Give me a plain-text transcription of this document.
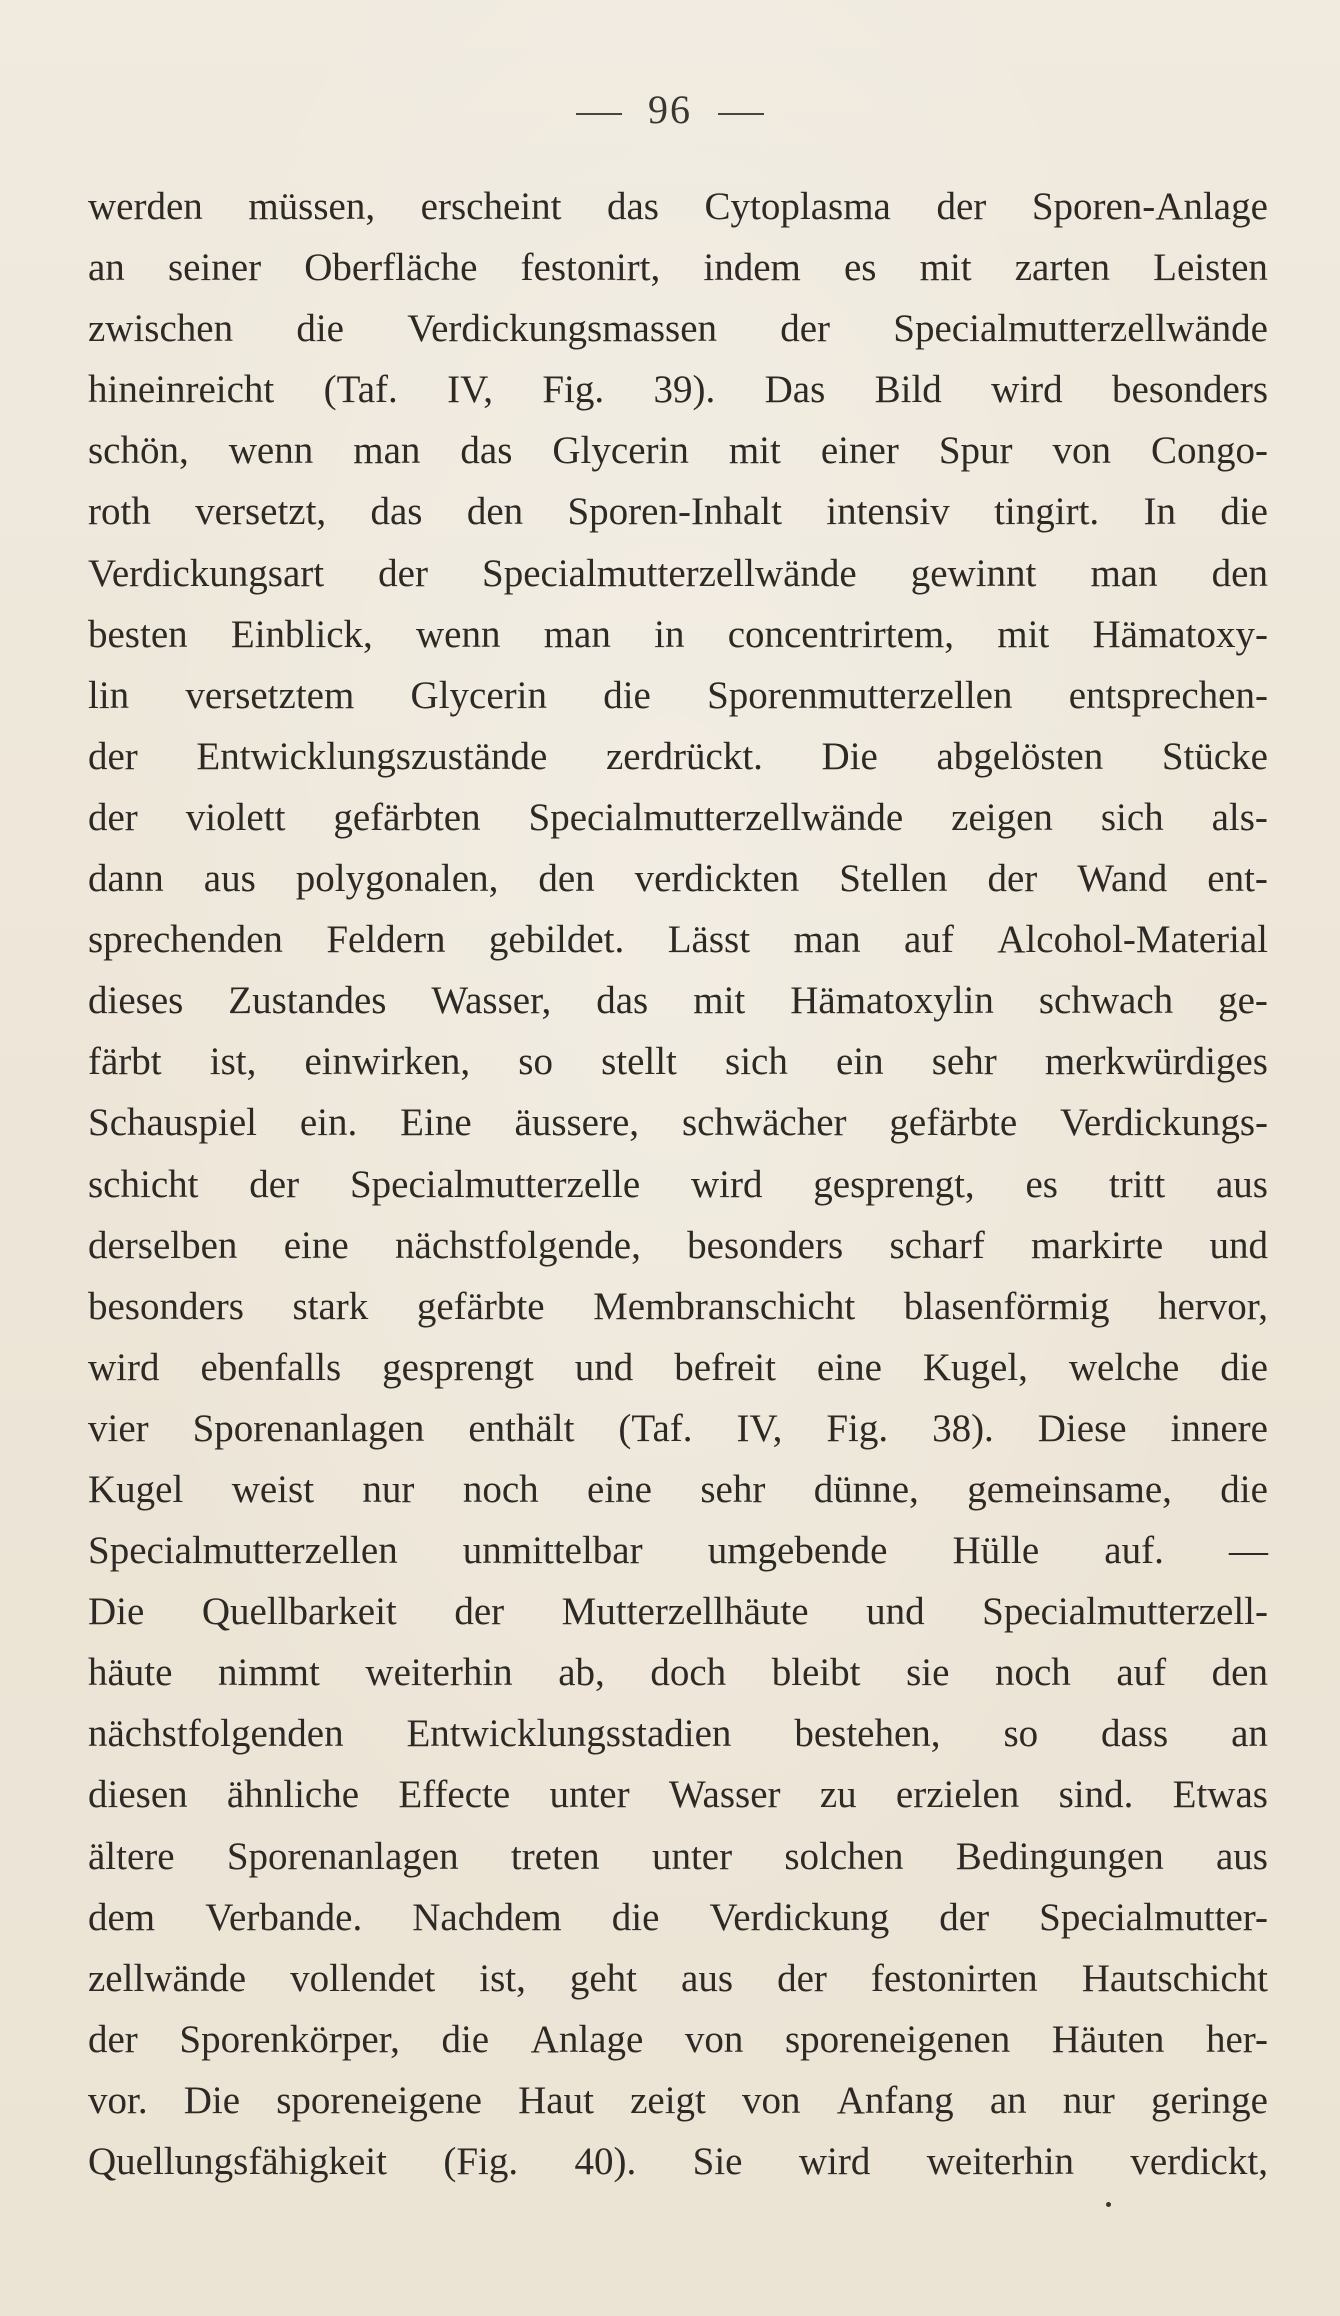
96
werden müssen, erscheint das Cytoplasma der Sporen-Anlage
an seiner Oberfläche festonirt, indem es mit zarten Leisten
zwischen die Verdickungsmassen der Specialmutterzellwände
hineinreicht (Taf. IV, Fig. 39). Das Bild wird besonders
schön, wenn man das Glycerin mit einer Spur von Congo-
roth versetzt, das den Sporen-Inhalt intensiv tingirt. In die
Verdickungsart der Specialmutterzellwände gewinnt man den
besten Einblick, wenn man in concentrirtem, mit Hämatoxy-
lin versetztem Glycerin die Sporenmutterzellen entsprechen-
der Entwicklungszustände zerdrückt. Die abgelösten Stücke
der violett gefärbten Specialmutterzellwände zeigen sich als-
dann aus polygonalen, den verdickten Stellen der Wand ent-
sprechenden Feldern gebildet. Lässt man auf Alcohol-Material
dieses Zustandes Wasser, das mit Hämatoxylin schwach ge-
färbt ist, einwirken, so stellt sich ein sehr merkwürdiges
Schauspiel ein. Eine äussere, schwächer gefärbte Verdickungs-
schicht der Specialmutterzelle wird gesprengt, es tritt aus
derselben eine nächstfolgende, besonders scharf markirte und
besonders stark gefärbte Membranschicht blasenförmig hervor,
wird ebenfalls gesprengt und befreit eine Kugel, welche die
vier Sporenanlagen enthält (Taf. IV, Fig. 38). Diese innere
Kugel weist nur noch eine sehr dünne, gemeinsame, die
Specialmutterzellen unmittelbar umgebende Hülle auf. —
Die Quellbarkeit der Mutterzellhäute und Specialmutterzell-
häute nimmt weiterhin ab, doch bleibt sie noch auf den
nächstfolgenden Entwicklungsstadien bestehen, so dass an
diesen ähnliche Effecte unter Wasser zu erzielen sind. Etwas
ältere Sporenanlagen treten unter solchen Bedingungen aus
dem Verbande. Nachdem die Verdickung der Specialmutter-
zellwände vollendet ist, geht aus der festonirten Hautschicht
der Sporenkörper, die Anlage von sporeneigenen Häuten her-
vor. Die sporeneigene Haut zeigt von Anfang an nur geringe
Quellungsfähigkeit (Fig. 40). Sie wird weiterhin verdickt,
